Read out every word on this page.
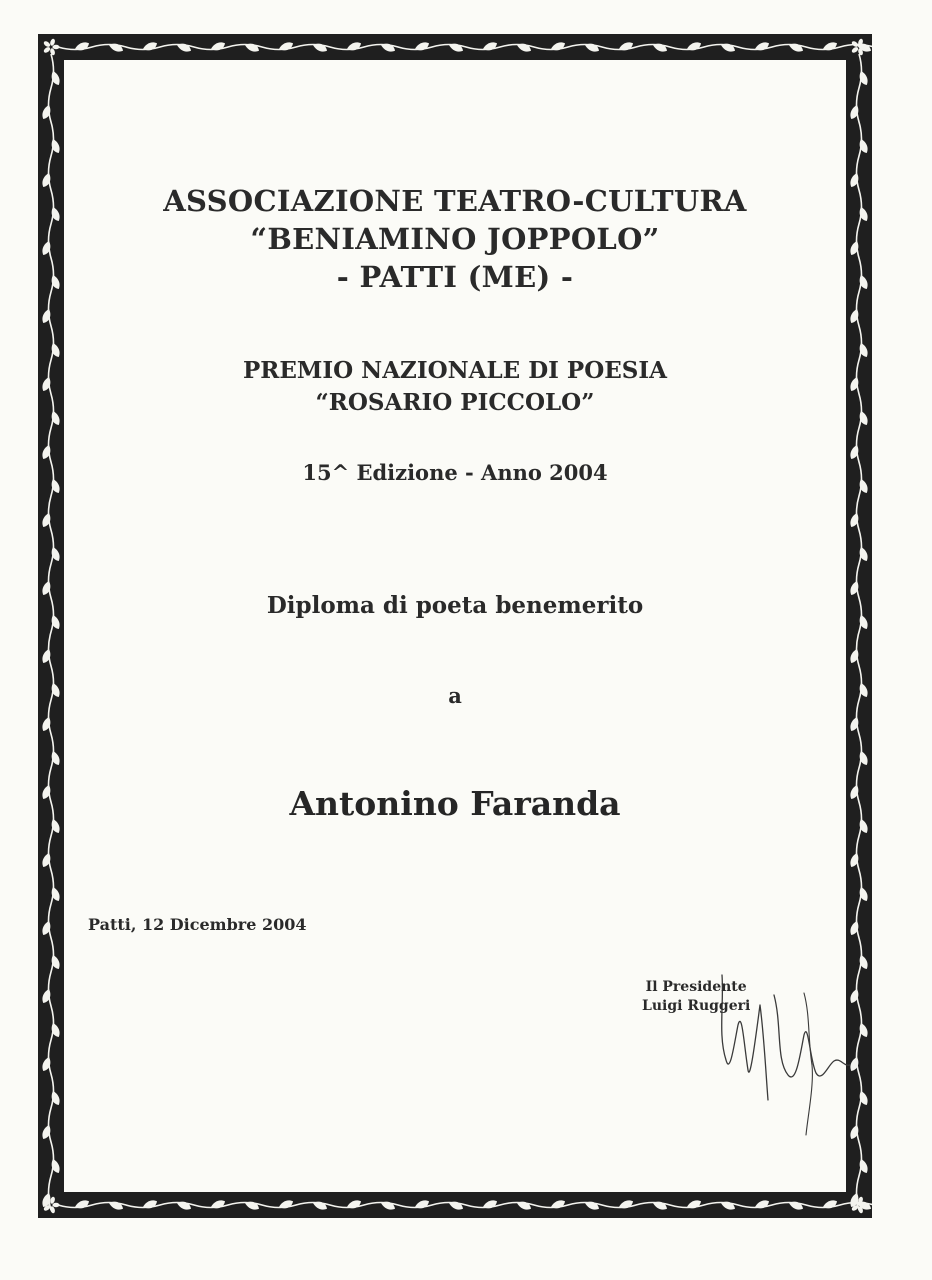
ASSOCIAZIONE TEATRO-CULTURA
“BENIAMINO JOPPOLO”
- PATTI (ME) -
PREMIO NAZIONALE DI POESIA
“ROSARIO PICCOLO”
15^ Edizione - Anno 2004
Diploma di poeta benemerito
a
Antonino Faranda
Patti, 12 Dicembre 2004
Il Presidente
Luigi Ruggeri
